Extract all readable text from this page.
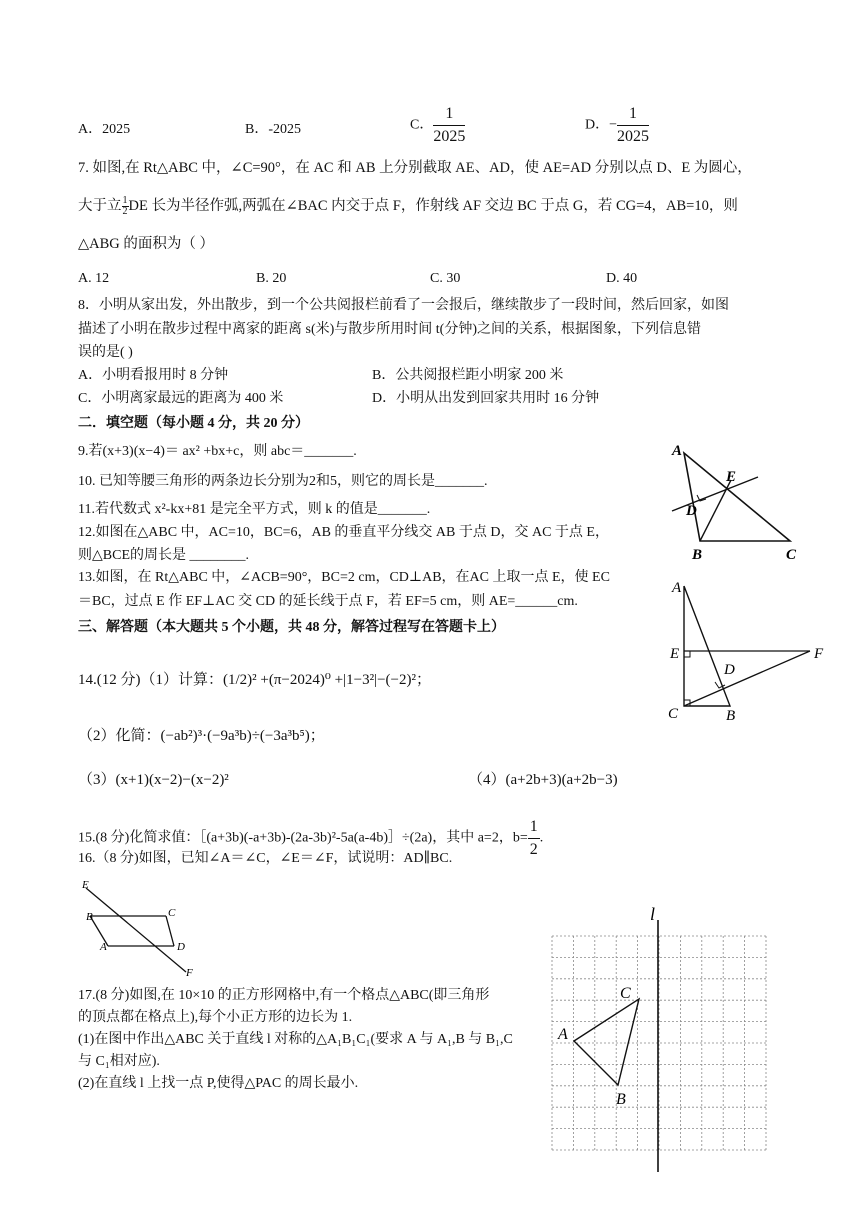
A．2025	B．-2025	C． $\frac{1}{2025}$	D．− $\frac{1}{2025}$
7. 如图,在 Rt△ABC 中，∠C=90°，在 AC 和 AB 上分别截取 AE、AD，使 AE=AD 分别以点 D、E 为圆心，
大于立 $\frac{1}{2}$ DE 长为半径作弧,两弧在∠BAC 内交于点 F，作射线 AF 交边 BC 于点 G，若 CG=4，AB=10，则
△ABG 的面积为（ ）
A. 12	B. 20	C. 30	D. 40
8．小明从家出发，外出散步，到一个公共阅报栏前看了一会报后，继续散步了一段时间，然后回家，如图
描述了小明在散步过程中离家的距离 s(米)与散步所用时间 t(分钟)之间的关系，根据图象，下列信息错
误的是( )
A．小明看报用时 8 分钟	B．公共阅报栏距小明家 200 米
C．小明离家最远的距离为 400 米	D．小明从出发到回家共用时 16 分钟
二．填空题（每小题 4 分，共 20 分）
9.若(x+3)(x−4)＝ ax² +bx+c，则 abc＝_______.
10. 已知等腰三角形的两条边长分别为2和5，则它的周长是_______.
11.若代数式 x²-kx+81 是完全平方式，则 k 的值是_______.
12.如图在△ABC 中，AC=10，BC=6，AB 的垂直平分线交 AB 于点 D，交 AC 于点 E，
则△BCE的周长是 ________.
13.如图，在 Rt△ABC 中，∠ACB=90°，BC=2 cm，CD⊥AB，在AC 上取一点 E，使 EC
＝BC，过点 E 作 EF⊥AC 交 CD 的延长线于点 F，若 EF=5 cm，则 AE=______cm.
三、解答题（本大题共 5 个小题，共 48 分，解答过程写在答题卡上）
14.(12 分)（1）计算：(1/2)² +(π−2024)⁰ +|1−3²|−(−2)²；
（2）化简：(−ab²)³·(−9a³b)÷(−3a³b⁵)；
（3）(x+1)(x−2)−(x−2)²	（4）(a+2b+3)(a+2b−3)
15.(8 分)化简求值：［(a+3b)(-a+3b)-(2a-3b)²-5a(a-4b)］÷(2a)，其中 a=2，$b= \frac{1}{2}$ .
16.（8 分)如图，已知∠A＝∠C，∠E＝∠F，试说明：AD∥BC.
17.(8 分)如图,在 10×10 的正方形网格中,有一个格点△ABC(即三角形
的顶点都在格点上),每个小正方形的边长为 1.
(1)在图中作出△ABC 关于直线 l 对称的△A₁B₁C₁(要求 A 与 A₁,B 与 B₁,C
与 C₁相对应).
(2)在直线 l 上找一点 P,使得△PAC 的周长最小.
A
B	C
D
E
A
E
D
F
C	B
E
B	C
A	D
F
l
A
C
B
